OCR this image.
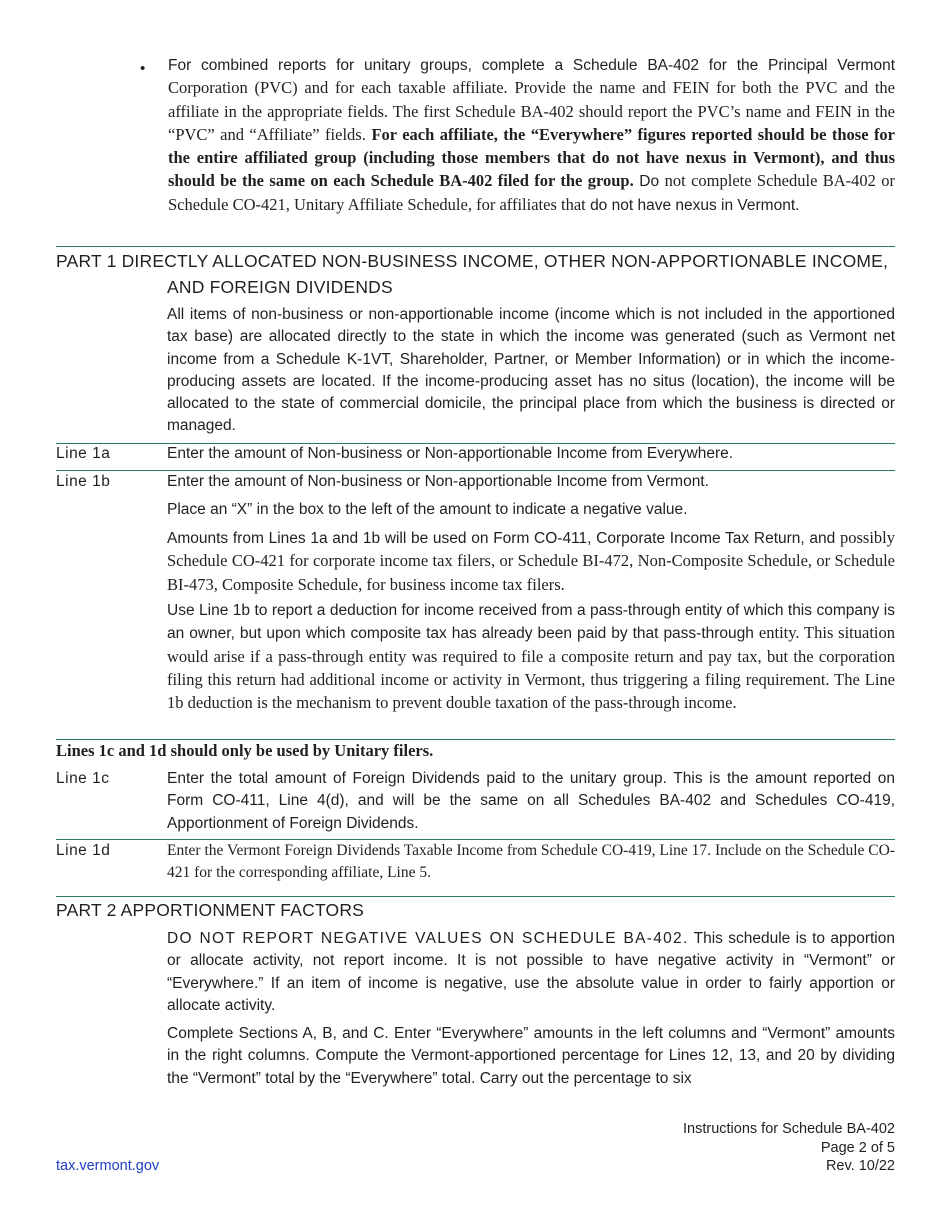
• For combined reports for unitary groups, complete a Schedule BA-402 for the Principal Vermont Corporation (PVC) and for each taxable affiliate. Provide the name and FEIN for both the PVC and the affiliate in the appropriate fields. The first Schedule BA-402 should report the PVC’s name and FEIN in the “PVC” and “Affiliate” fields. For each affiliate, the “Everywhere” figures reported should be those for the entire affiliated group (including those members that do not have nexus in Vermont), and thus should be the same on each Schedule BA-402 filed for the group. Do not complete Schedule BA-402 or Schedule CO-421, Unitary Affiliate Schedule, for affiliates that do not have nexus in Vermont.
PART 1 DIRECTLY ALLOCATED NON-BUSINESS INCOME, OTHER NON-APPORTIONABLE INCOME,
AND FOREIGN DIVIDENDS

All items of non-business or non-apportionable income (income which is not included in the apportioned tax base) are allocated directly to the state in which the income was generated (such as Vermont net income from a Schedule K-1VT, Shareholder, Partner, or Member Information) or in which the income-producing assets are located. If the income-producing asset has no situs (location), the income will be allocated to the state of commercial domicile, the principal place from which the business is directed or managed.

Line 1a	Enter the amount of Non-business or Non-apportionable Income from Everywhere.

Line 1b	Enter the amount of Non-business or Non-apportionable Income from Vermont.

Place an “X” in the box to the left of the amount to indicate a negative value.

Amounts from Lines 1a and 1b will be used on Form CO-411, Corporate Income Tax Return, and possibly Schedule CO-421 for corporate income tax filers, or Schedule BI-472, Non-Composite Schedule, or Schedule BI-473, Composite Schedule, for business income tax filers.

Use Line 1b to report a deduction for income received from a pass-through entity of which this company is an owner, but upon which composite tax has already been paid by that pass-through entity. This situation would arise if a pass-through entity was required to file a composite return and pay tax, but the corporation filing this return had additional income or activity in Vermont, thus triggering a filing requirement. The Line 1b deduction is the mechanism to prevent double taxation of the pass-through income.

Lines 1c and 1d should only be used by Unitary filers.
Line 1c	Enter the total amount of Foreign Dividends paid to the unitary group. This is the amount reported on Form CO-411, Line 4(d), and will be the same on all Schedules BA-402 and Schedules CO-419, Apportionment of Foreign Dividends.

Line 1d	Enter the Vermont Foreign Dividends Taxable Income from Schedule CO-419, Line 17. Include on the Schedule CO-421 for the corresponding affiliate, Line 5.

PART 2 APPORTIONMENT FACTORS

DO NOT REPORT NEGATIVE VALUES ON SCHEDULE BA-402. This schedule is to apportion or allocate activity, not report income. It is not possible to have negative activity in “Vermont” or “Everywhere.” If an item of income is negative, use the absolute value in order to fairly apportion or allocate activity.

Complete Sections A, B, and C. Enter “Everywhere” amounts in the left columns and “Vermont” amounts in the right columns. Compute the Vermont-apportioned percentage for Lines 12, 13, and 20 by dividing the “Vermont” total by the “Everywhere” total. Carry out the percentage to six

Instructions for Schedule BA-402
Page 2 of 5
Rev. 10/22
tax.vermont.gov
